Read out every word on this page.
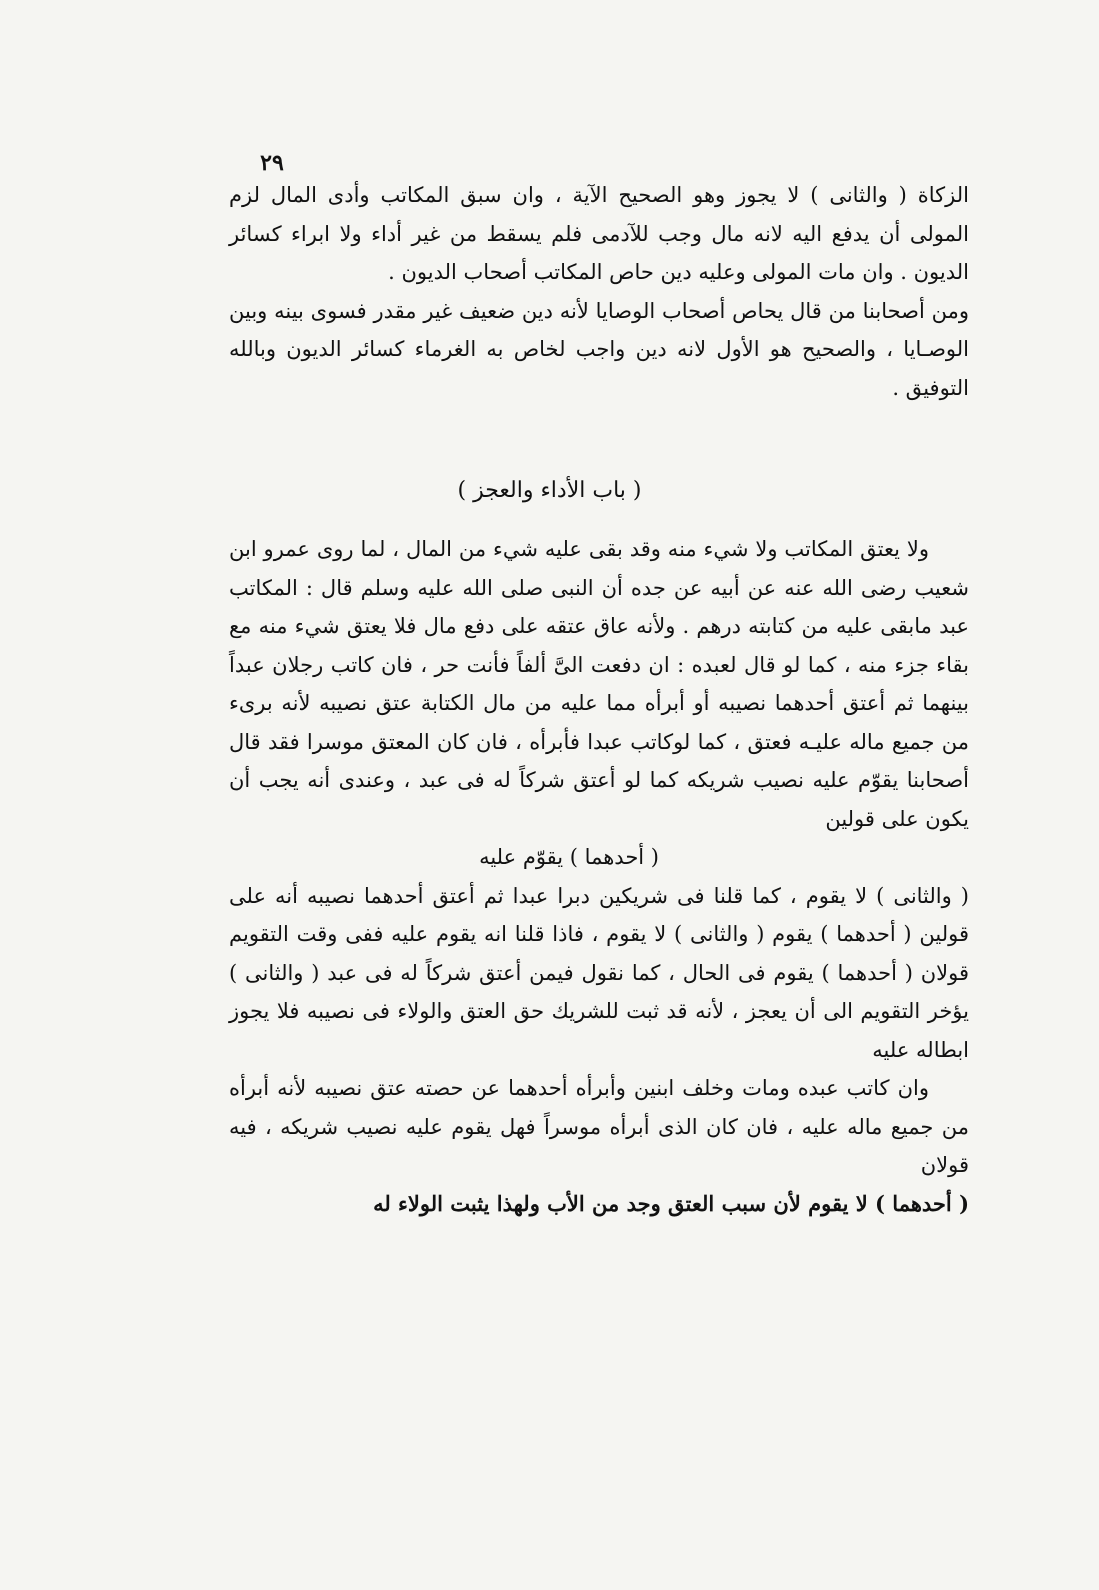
٢٩

الزكاة ( والثانى ) لا يجوز وهو الصحيح الآية ، وان سبق المكاتب وأدى المال لزم المولى أن يدفع اليه لانه مال وجب للآدمى فلم يسقط من غير أداء ولا ابراء كسائر الديون . وان مات المولى وعليه دين حاص المكاتب أصحاب الديون .

ومن أصحابنا من قال يحاص أصحاب الوصايا لأنه دين ضعيف غير مقدر فسوى بينه وبين الوصـايا ، والصحيح هو الأول لانه دين واجب لخاص به الغرماء كسائر الديون وبالله التوفيق .

( باب الأداء والعجز )

ولا يعتق المكاتب ولا شيء منه وقد بقى عليه شيء من المال ، لما روى عمرو ابن شعيب رضى الله عنه عن أبيه عن جده أن النبى صلى الله عليه وسلم قال : المكاتب عبد مابقى عليه من كتابته درهم . ولأنه عاق عتقه على دفع مال فلا يعتق شيء منه مع بقاء جزء منه ، كما لو قال لعبده : ان دفعت الىَّ ألفاً فأنت حر ، فان كاتب رجلان عبداً بينهما ثم أعتق أحدهما نصيبه أو أبرأه مما عليه من مال الكتابة عتق نصيبه لأنه برىء من جميع ماله عليـه فعتق ، كما لوكاتب عبدا فأبرأه ، فان كان المعتق موسرا فقد قال أصحابنا يقوّم عليه نصيب شريكه كما لو أعتق شركاً له فى عبد ، وعندى أنه يجب أن يكون على قولين

( أحدهما ) يقوّم عليه

( والثانى ) لا يقوم ، كما قلنا فى شريكين دبرا عبدا ثم أعتق أحدهما نصيبه أنه على قولين ( أحدهما ) يقوم ( والثانى ) لا يقوم ، فاذا قلنا انه يقوم عليه ففى وقت التقويم قولان ( أحدهما ) يقوم فى الحال ، كما نقول فيمن أعتق شركاً له فى عبد ( والثانى ) يؤخر التقويم الى أن يعجز ، لأنه قد ثبت للشريك حق العتق والولاء فى نصيبه فلا يجوز ابطاله عليه

وان كاتب عبده ومات وخلف ابنين وأبرأه أحدهما عن حصته عتق نصيبه لأنه أبرأه من جميع ماله عليه ، فان كان الذى أبرأه موسراً فهل يقوم عليه نصيب شريكه ، فيه قولان

( أحدهما ) لا يقوم لأن سبب العتق وجد من الأب ولهذا يثبت الولاء له
